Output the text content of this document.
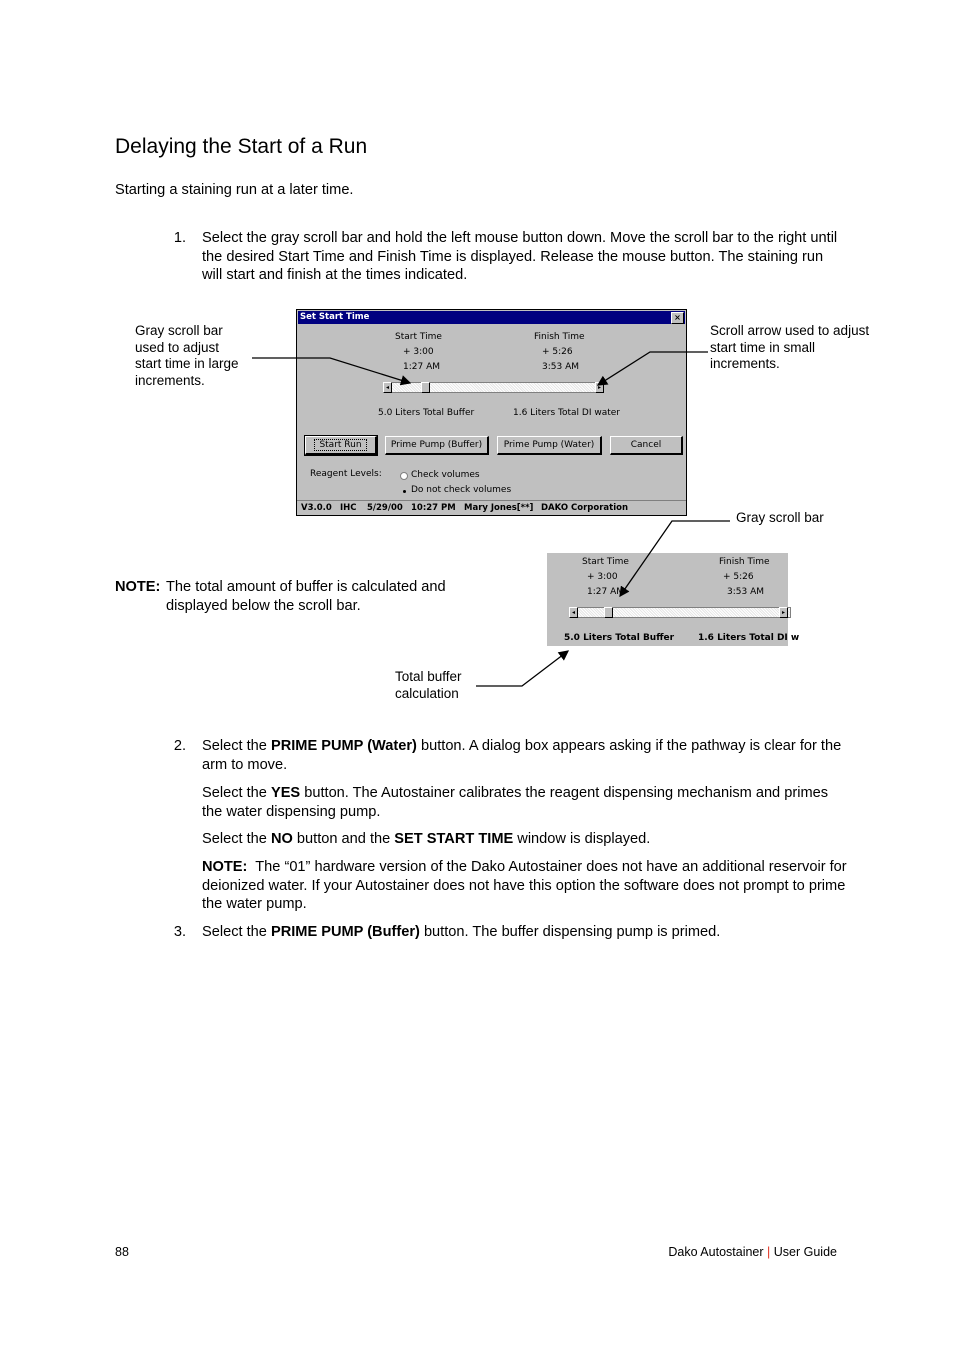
Delaying the Start of a Run
Starting a staining run at a later time.
1. Select the gray scroll bar and hold the left mouse button down. Move the scroll bar to the right until the desired Start Time and Finish Time is displayed. Release the mouse button. The staining run will start and finish at the times indicated.
Gray scroll bar
used to adjust
start time in large
increments.
Scroll arrow used to adjust
start time in small
increments.
Set Start Time	×
Start Time	Finish Time
+ 3:00	+ 5:26
1:27 AM	3:53 AM
◂	▸
5.0 Liters Total Buffer	1.6 Liters Total DI water
Start Run	Prime Pump (Buffer)	Prime Pump (Water)	Cancel
Reagent Levels:	Check volumes
Do not check volumes
V3.0.0 IHC 5/29/00 10:27 PM Mary Jones[**] DAKO Corporation
Gray scroll bar
Start Time	Finish Time
+ 3:00	+ 5:26
1:27 AM	3:53 AM
◂	▸
5.0 Liters Total Buffer	1.6 Liters Total DI w
NOTE: The total amount of buffer is calculated and
displayed below the scroll bar.
Total buffer
calculation
2. Select the PRIME PUMP (Water) button. A dialog box appears asking if the pathway is clear for the arm to move.
Select the YES button. The Autostainer calibrates the reagent dispensing mechanism and primes the water dispensing pump.
Select the NO button and the SET START TIME window is displayed.
NOTE:  The “01” hardware version of the Dako Autostainer does not have an additional reservoir for deionized water. If your Autostainer does not have this option the software does not prompt to prime the water pump.
3. Select the PRIME PUMP (Buffer) button. The buffer dispensing pump is primed.
88	Dako Autostainer | User Guide
